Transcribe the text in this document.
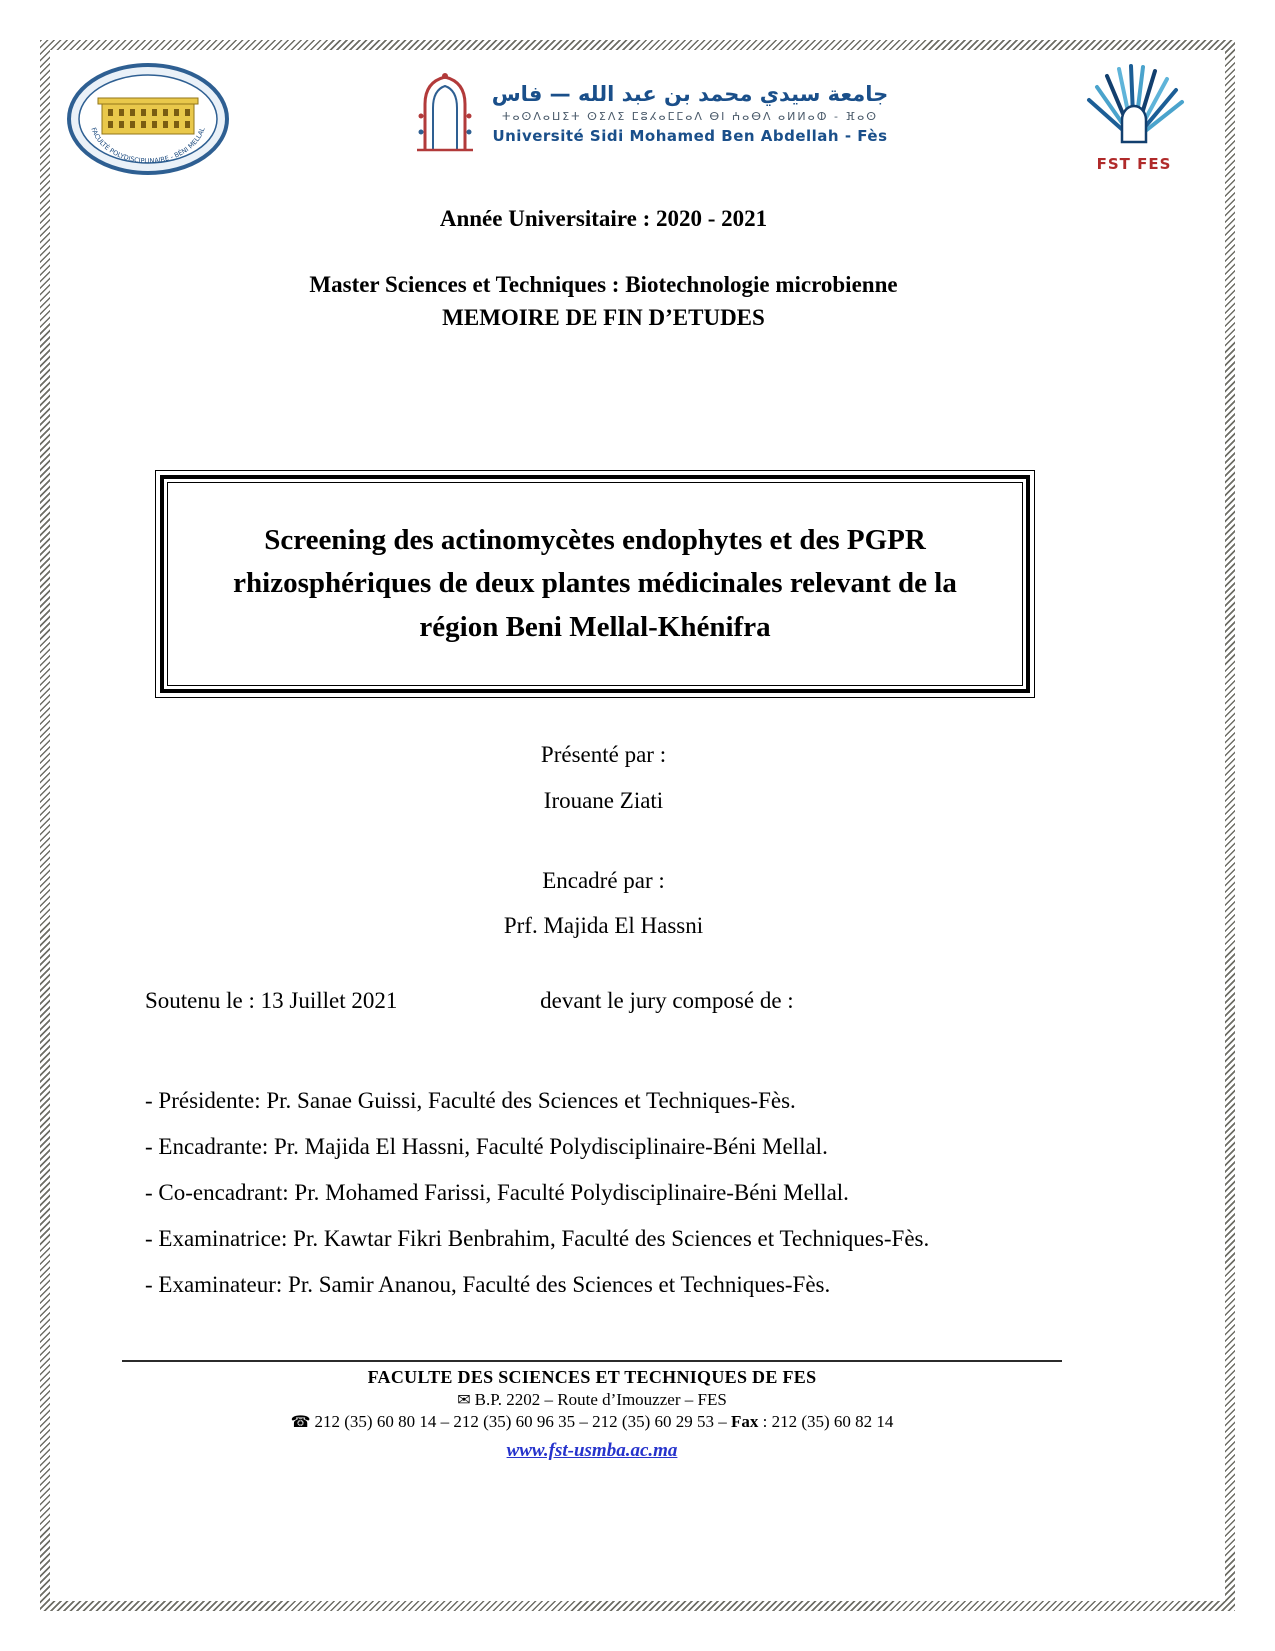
FACULTÉ POLYDISCIPLINAIRE - BÉNI MELLAL
جامعة سيدي محمد بن عبد الله — فاس
ⵜⴰⵙⴷⴰⵡⵉⵜ ⵙⵉⴷⵉ ⵎⵓⵃⴰⵎⵎⴰⴷ ⴱⵏ ⵄⴰⴱⴷ ⴰⵍⵍⴰⵀ - ⴼⴰⵙ
Université Sidi Mohamed Ben Abdellah - Fès
FST FES
Année Universitaire : 2020 - 2021
Master Sciences et Techniques : Biotechnologie microbienne
MEMOIRE DE FIN D’ETUDES
Screening des actinomycètes endophytes et des PGPR rhizosphériques de deux plantes médicinales relevant de la région Beni Mellal-Khénifra
Présenté par :
Irouane Ziati
Encadré par :
Prf. Majida El Hassni
Soutenu le : 13 Juillet 2021	devant le jury composé de :
- Présidente: Pr. Sanae Guissi, Faculté des Sciences et Techniques-Fès.
- Encadrante: Pr. Majida El Hassni, Faculté Polydisciplinaire-Béni Mellal.
- Co-encadrant: Pr. Mohamed Farissi, Faculté Polydisciplinaire-Béni Mellal.
- Examinatrice: Pr. Kawtar Fikri Benbrahim, Faculté des Sciences et Techniques-Fès.
- Examinateur: Pr. Samir Ananou, Faculté des Sciences et Techniques-Fès.
FACULTE DES SCIENCES ET TECHNIQUES DE FES
✉ B.P. 2202 – Route d’Imouzzer – FES
☎ 212 (35) 60 80 14 – 212 (35) 60 96 35 – 212 (35) 60 29 53 – Fax : 212 (35) 60 82 14
www.fst-usmba.ac.ma
